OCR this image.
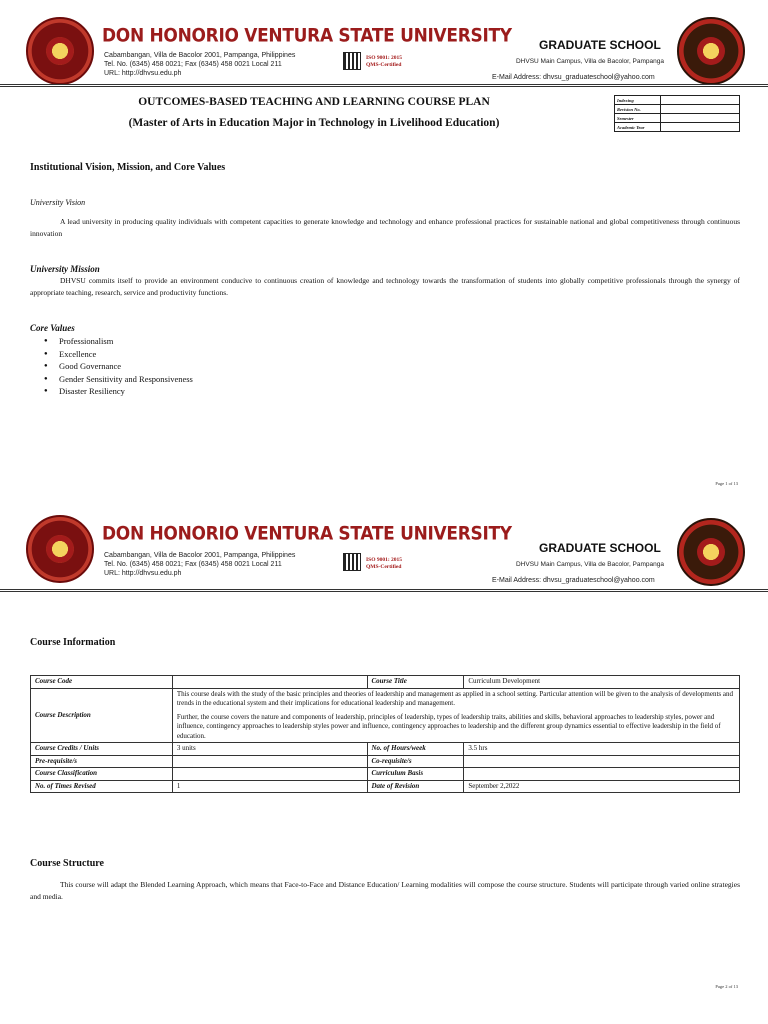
DON HONORIO VENTURA STATE UNIVERSITY
Cabambangan, Villa de Bacolor 2001, Pampanga, Philippines
Tel. No. (6345) 458 0021; Fax (6345) 458 0021 Local 211
URL: http://dhvsu.edu.ph
ISO 9001: 2015
QMS-Certified
GRADUATE SCHOOL
DHVSU Main Campus, Villa de Bacolor, Pampanga
E-Mail Address: dhvsu_graduateschool@yahoo.com
OUTCOMES-BASED TEACHING AND LEARNING COURSE PLAN
(Master of Arts in Education Major in Technology in Livelihood Education)
Indexing	
Revision No.	
Semester	
Academic Year	
Institutional Vision, Mission, and Core Values
University Vision
A lead university in producing quality individuals with competent capacities to generate knowledge and technology and enhance professional practices for sustainable national and global competitiveness through continuous innovation
University Mission
DHVSU commits itself to provide an environment conducive to continuous creation of knowledge and technology towards the transformation of students into globally competitive professionals through the synergy of appropriate teaching, research, service and productivity functions.
Core Values
● Professionalism
● Excellence
● Good Governance
● Gender Sensitivity and Responsiveness
● Disaster Resiliency
Page 1 of 13
DON HONORIO VENTURA STATE UNIVERSITY
Cabambangan, Villa de Bacolor 2001, Pampanga, Philippines
Tel. No. (6345) 458 0021; Fax (6345) 458 0021 Local 211
URL: http://dhvsu.edu.ph
ISO 9001: 2015
QMS-Certified
GRADUATE SCHOOL
DHVSU Main Campus, Villa de Bacolor, Pampanga
E-Mail Address: dhvsu_graduateschool@yahoo.com
Course Information
Course Code		Course Title	Curriculum Development
Course Description	This course deals with the study of the basic principles and theories of leadership and management as applied in a school setting. Particular attention will be given to the analysis of developments and trends in the educational system and their implications for educational leadership and management.
Further, the course covers the nature and components of leadership, principles of leadership, types of leadership traits, abilities and skills, behavioral approaches to leadership styles, power and influence, contingency approaches to leadership styles power and influence, contingency approaches to leadership and the different group dynamics essential to effective leadership in the field of education.		

Course Credits / Units	3 units	No. of Hours/week	3.5 hrs
Pre-requisite/s		Co-requisite/s	
Course Classification		Curriculum Basis	
No. of Times Revised	1	Date of Revision	September 2,2022
Course Structure
This course will adapt the Blended Learning Approach, which means that Face-to-Face and Distance Education/ Learning modalities will compose the course structure. Students will participate through varied online strategies and media.
Page 2 of 13
